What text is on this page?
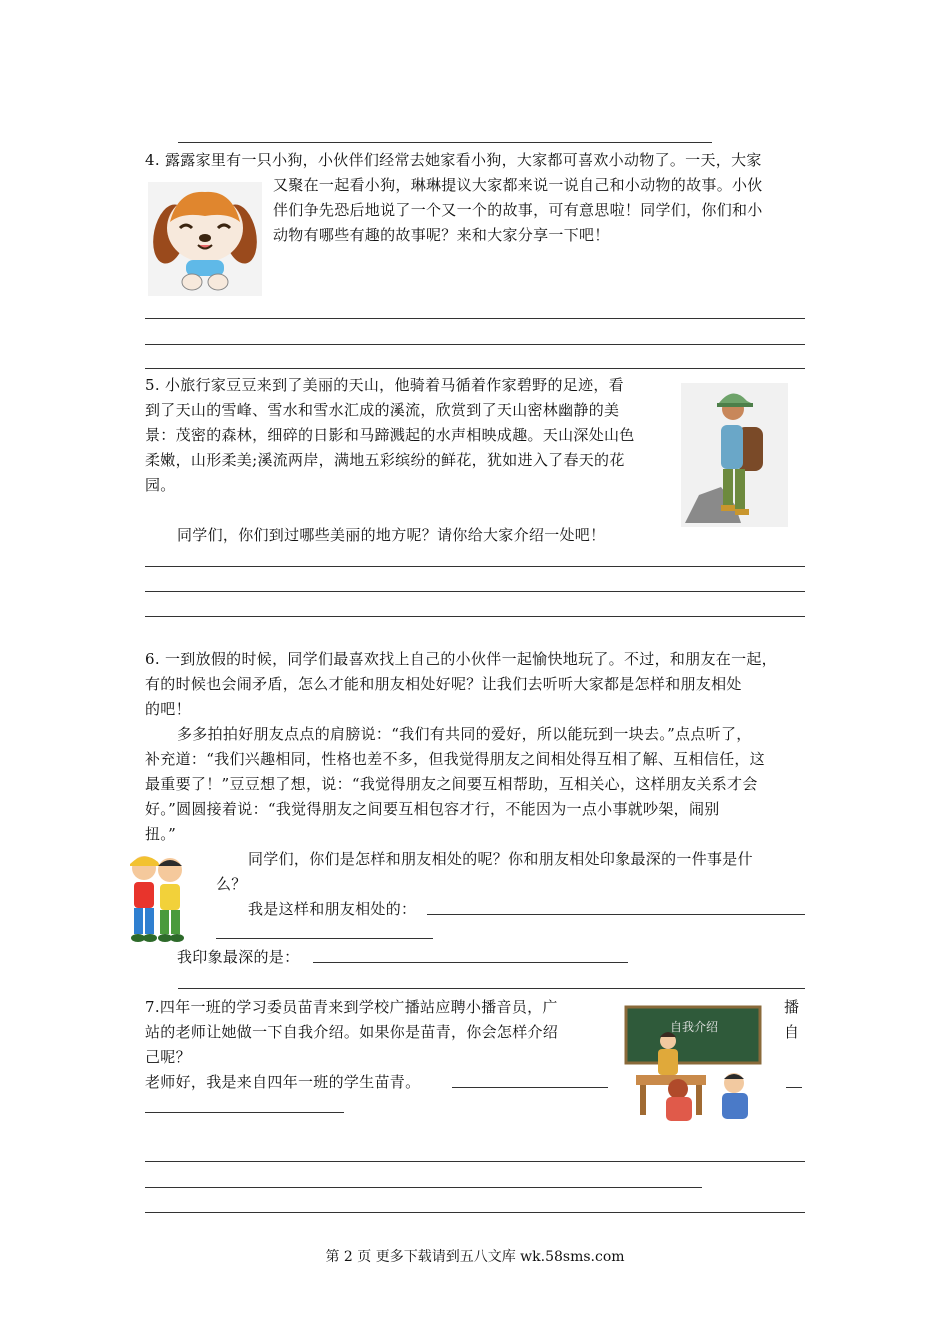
4. 露露家里有一只小狗，小伙伴们经常去她家看小狗，大家都可喜欢小动物了。一天，大家
又聚在一起看小狗，琳琳提议大家都来说一说自己和小动物的故事。小伙
伴们争先恐后地说了一个又一个的故事，可有意思啦！同学们，你们和小
动物有哪些有趣的故事呢？来和大家分享一下吧！
5. 小旅行家豆豆来到了美丽的天山，他骑着马循着作家碧野的足迹，看
到了天山的雪峰、雪水和雪水汇成的溪流，欣赏到了天山密林幽静的美
景：茂密的森林，细碎的日影和马蹄溅起的水声相映成趣。天山深处山色
柔嫩，山形柔美;溪流两岸，满地五彩缤纷的鲜花，犹如进入了春天的花
园。
同学们，你们到过哪些美丽的地方呢？请你给大家介绍一处吧！
6. 一到放假的时候，同学们最喜欢找上自己的小伙伴一起愉快地玩了。不过，和朋友在一起，
有的时候也会闹矛盾，怎么才能和朋友相处好呢？让我们去听听大家都是怎样和朋友相处
的吧！
多多拍拍好朋友点点的肩膀说：“我们有共同的爱好，所以能玩到一块去。”点点听了，
补充道：“我们兴趣相同，性格也差不多，但我觉得朋友之间相处得互相了解、互相信任，这
最重要了！”豆豆想了想，说：“我觉得朋友之间要互相帮助，互相关心，这样朋友关系才会
好。”圆圆接着说：“我觉得朋友之间要互相包容才行，不能因为一点小事就吵架，闹别
扭。”
同学们，你们是怎样和朋友相处的呢？你和朋友相处印象最深的一件事是什
么？
我是这样和朋友相处的：
我印象最深的是：
7.四年一班的学习委员苗青来到学校广播站应聘小播音员，广
站的老师让她做一下自我介绍。如果你是苗青，你会怎样介绍
己呢？
播
自
老师好，我是来自四年一班的学生苗青。
自我介绍
第 2 页 更多下载请到五八文库 wk.58sms.com
